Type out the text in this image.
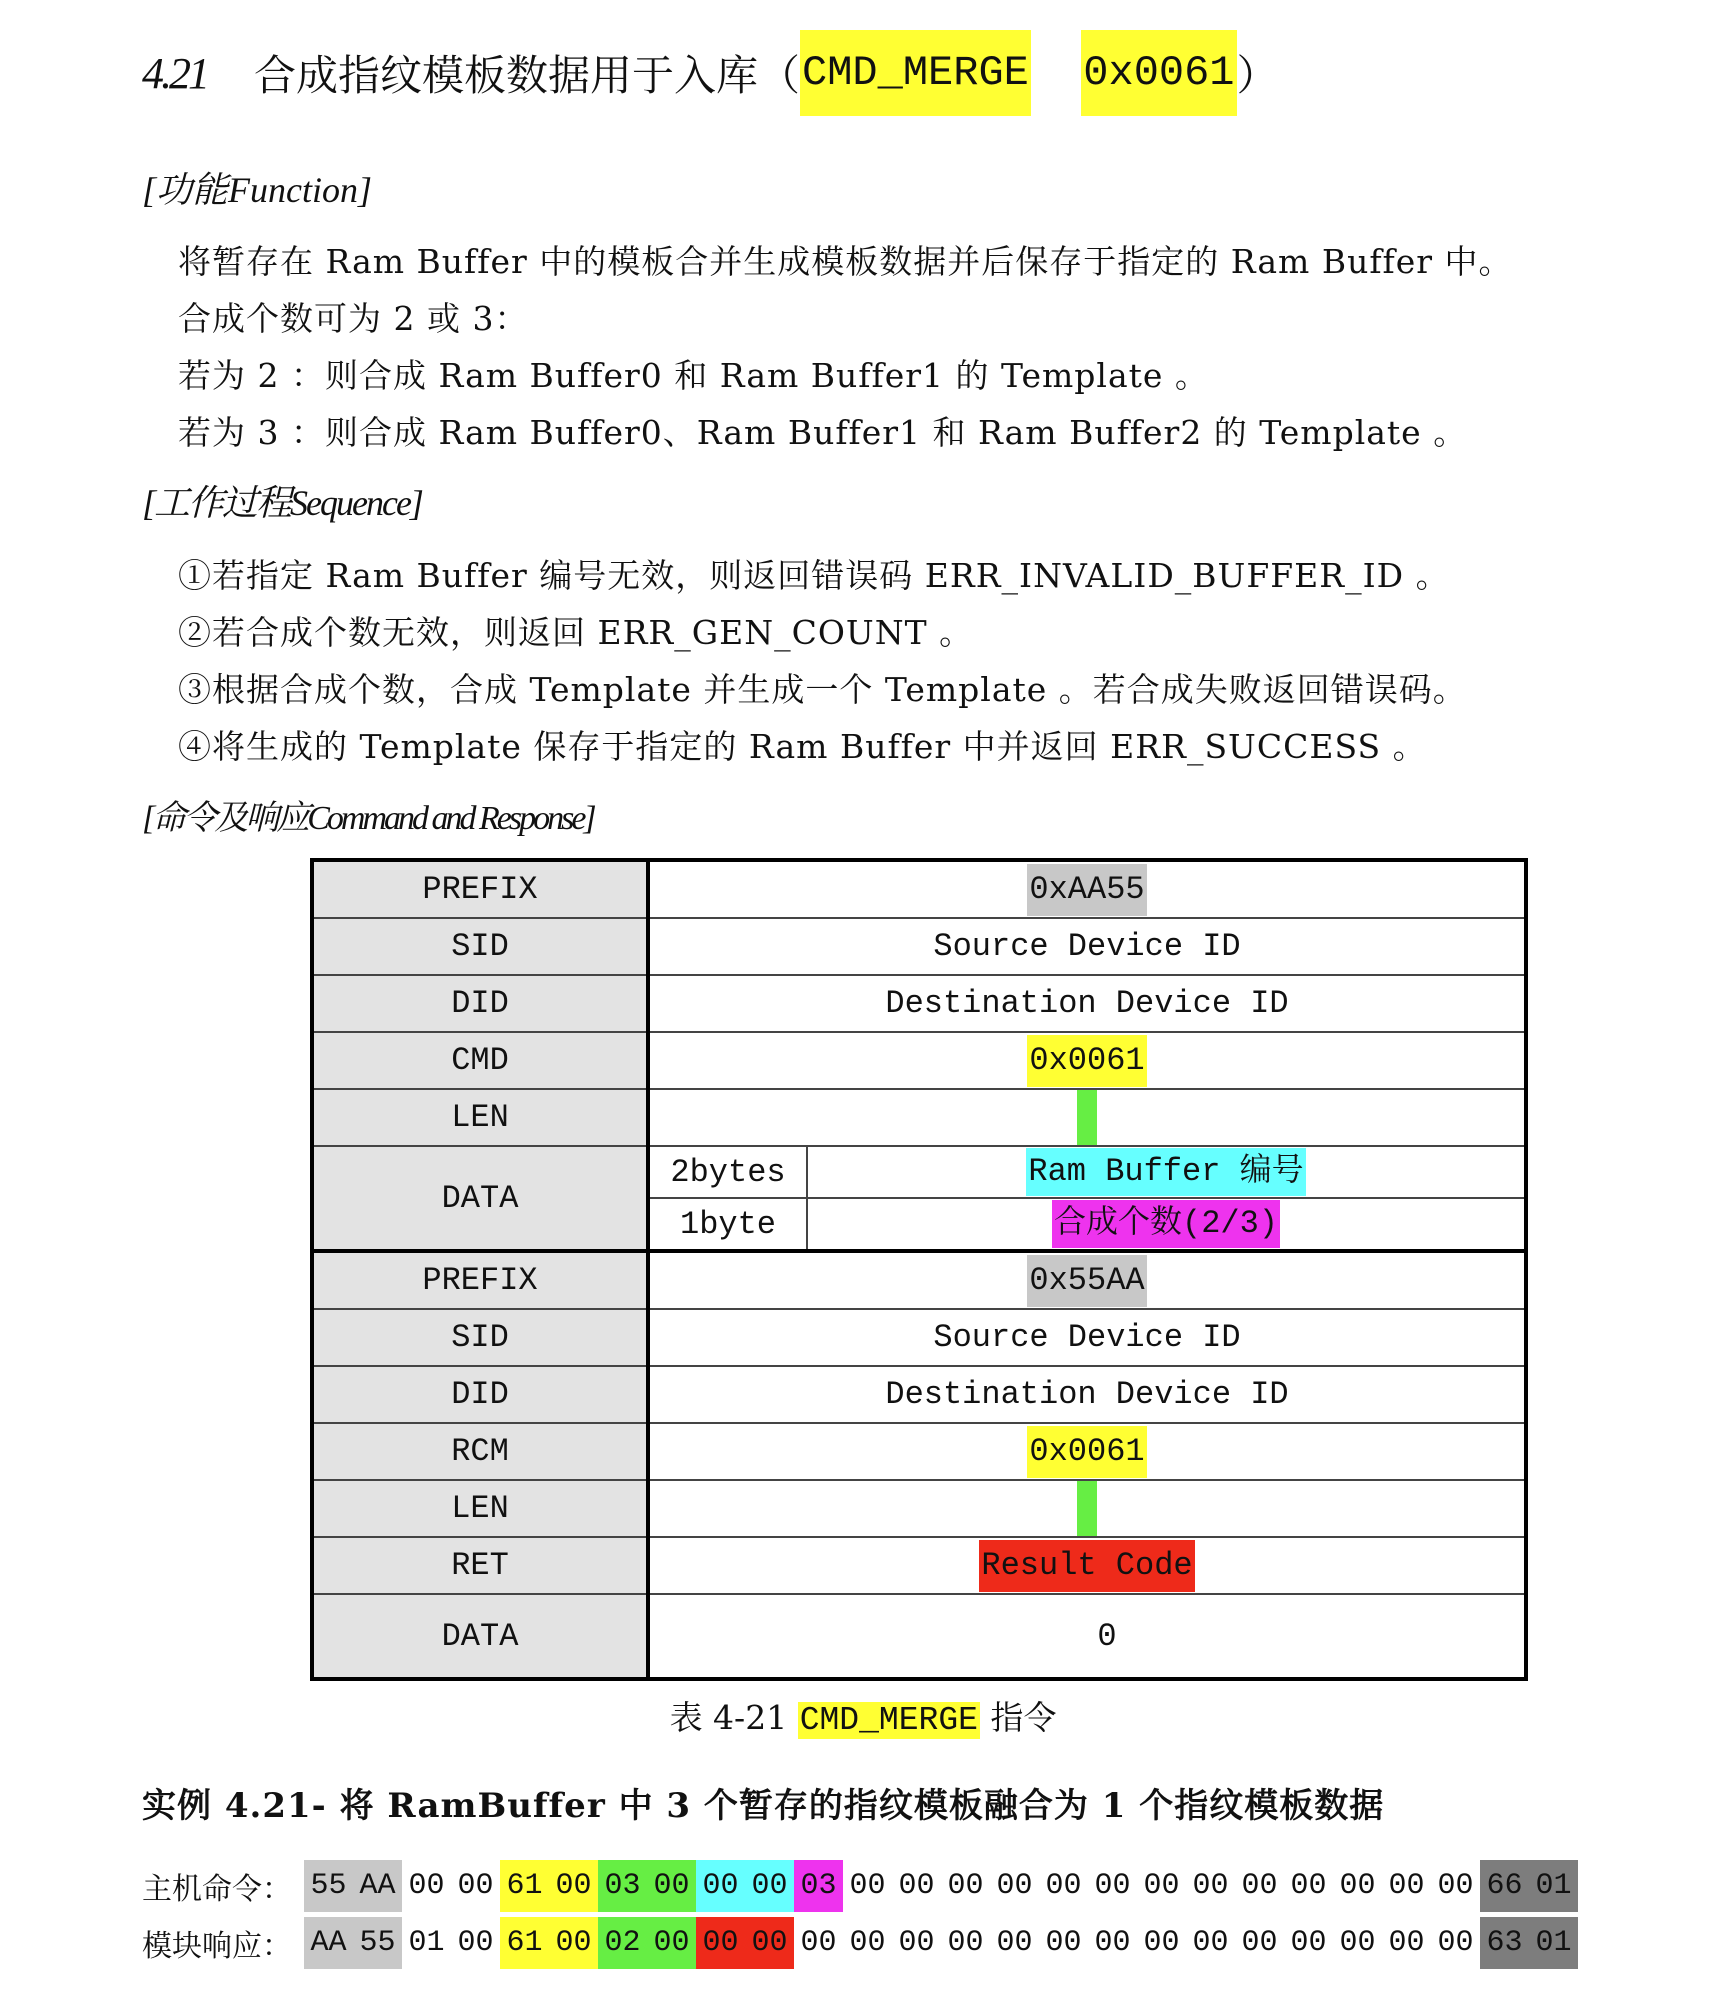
4.21	合成指纹模板数据用于入库（ CMD_MERGE
0x0061 ）
[功能Function]
将暂存在 Ram Buffer 中的模板合并生成模板数据并后保存于指定的 Ram Buffer 中。
合成个数可为 2 或 3：
若为 2 ：则合成 Ram Buffer0 和 Ram Buffer1 的 Template 。
若为 3 ：则合成 Ram Buffer0、Ram Buffer1 和 Ram Buffer2 的 Template 。
[工作过程Sequence]
①若指定 Ram Buffer 编号无效，则返回错误码 ERR_INVALID_BUFFER_ID 。
②若合成个数无效，则返回 ERR_GEN_COUNT 。
③根据合成个数，合成 Template 并生成一个 Template 。若合成失败返回错误码。
④将生成的 Template 保存于指定的 Ram Buffer 中并返回 ERR_SUCCESS 。
[命令及响应Command and Response]
PREFIX	0xAA55	
SID	Source Device ID	
DID	Destination Device ID	
CMD	0x0061	
LEN		
DATA	2bytes	Ram Buffer 编号
	1byte	合成个数(2/3)
PREFIX	0x55AA	
SID	Source Device ID	
DID	Destination Device ID	
RCM	0x0061	
LEN		
RET	Result Code	
DATA	0	
表 4-21 CMD_MERGE 指令
实例 4.21- 将 RamBuffer 中 3 个暂存的指纹模板融合为 1 个指纹模板数据
主机命令： 55 AA 00 00 61 00 03 00 00 00 03 00 00 00 00 00 00 00 00 00 00 00 00 00 66 01
模块响应： AA 55 01 00 61 00 02 00 00 00 00 00 00 00 00 00 00 00 00 00 00 00 00 00 63 01
